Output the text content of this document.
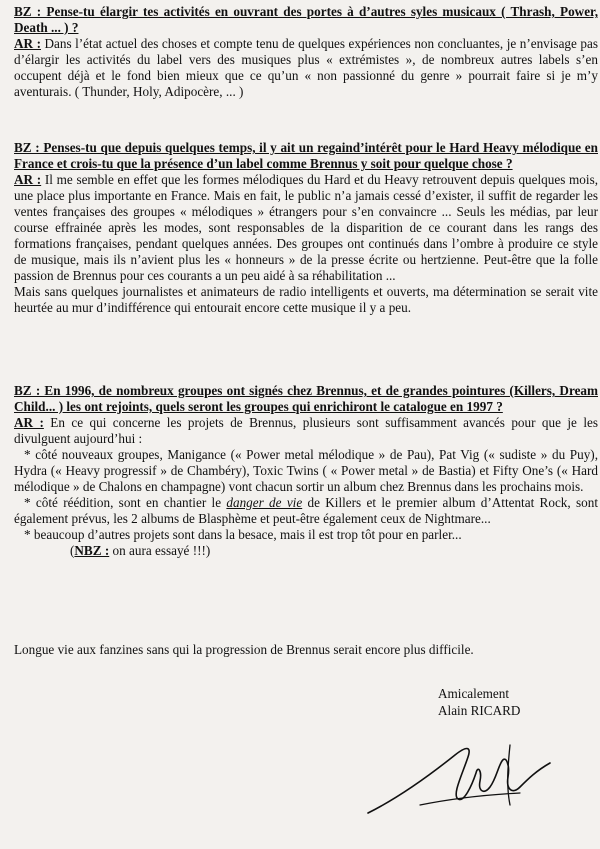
BZ : Pense-tu élargir tes activités en ouvrant des portes à d’autres syles musicaux ( Thrash, Power, Death ... ) ?

AR : Dans l’état actuel des choses et compte tenu de quelques expériences non concluantes, je n’envisage pas d’élargir les activités du label vers des musiques plus « extrémistes », de nombreux autres labels s’en occupent déjà et le fond bien mieux que ce qu’un « non passionné du genre » pourrait faire si je m’y aventurais. ( Thunder, Holy, Adipocère, ... )

BZ : Penses-tu que depuis quelques temps, il y ait un regaind’intérêt pour le Hard Heavy mélodique en France et crois-tu que la présence d’un label comme Brennus y soit pour quelque chose ?

AR : Il me semble en effet que les formes mélodiques du Hard et du Heavy retrouvent depuis quelques mois, une place plus importante en France. Mais en fait, le public n’a jamais cessé d’exister, il suffit de regarder les ventes françaises des groupes « mélodiques » étrangers pour s’en convaincre ... Seuls les médias, par leur course effrainée après les modes, sont responsables de la disparition de ce courant dans les rangs des formations françaises, pendant quelques années. Des groupes ont continués dans l’ombre à produire ce style de musique, mais ils n’avient plus les « honneurs » de la presse écrite ou hertzienne. Peut-être que la folle passion de Brennus pour ces courants a un peu aidé à sa réhabilitation ...

Mais sans quelques journalistes et animateurs de radio intelligents et ouverts, ma détermination se serait vite heurtée au mur d’indifférence qui entourait encore cette musique il y a peu.

BZ : En 1996, de nombreux groupes ont signés chez Brennus, et de grandes pointures (Killers, Dream Child... ) les ont rejoints, quels seront les groupes qui enrichiront le catalogue en 1997 ?

AR : En ce qui concerne les projets de Brennus, plusieurs sont suffisamment avancés pour que je les divulguent aujourd’hui :

* côté nouveaux groupes, Manigance (« Power metal mélodique » de Pau), Pat Vig (« sudiste » du Puy), Hydra (« Heavy progressif » de Chambéry), Toxic Twins ( « Power metal » de Bastia) et Fifty One’s (« Hard mélodique » de Chalons en champagne) vont chacun sortir un album chez Brennus dans les prochains mois.

* côté réédition, sont en chantier le danger de vie de Killers et le premier album d’Attentat Rock, sont également prévus, les 2 albums de Blasphème et peut-être également ceux de Nightmare...

* beaucoup d’autres projets sont dans la besace, mais il est trop tôt pour en parler...

(NBZ : on aura essayé !!!)

Longue vie aux fanzines sans qui la progression de Brennus serait encore plus difficile.
Amicalement
Alain RICARD
